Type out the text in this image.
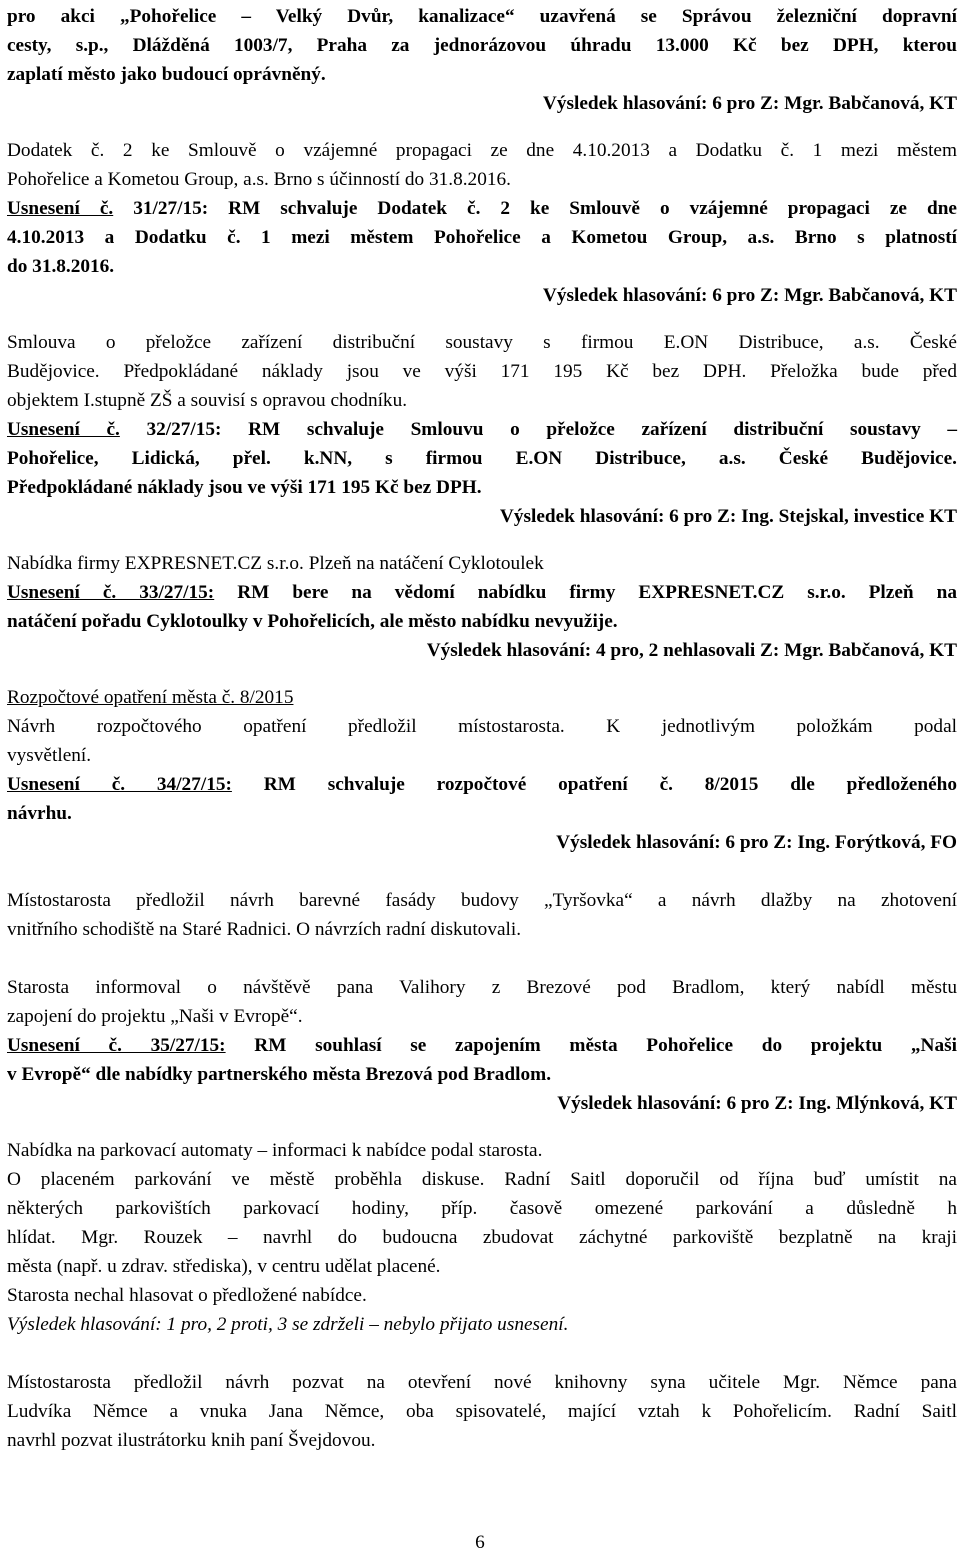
pro akci „Pohořelice – Velký Dvůr, kanalizace“ uzavřená se Správou železniční dopravní

cesty, s.p., Dlážděná 1003/7, Praha za jednorázovou úhradu 13.000 Kč bez DPH, kterou

zaplatí město jako budoucí oprávněný.

Výsledek hlasování: 6 pro Z: Mgr. Babčanová, KT

Dodatek č. 2 ke Smlouvě o vzájemné propagaci ze dne 4.10.2013 a Dodatku č. 1 mezi městem

Pohořelice a Kometou Group, a.s. Brno s účinností do 31.8.2016.

Usnesení č. 31/27/15: RM schvaluje Dodatek č. 2 ke Smlouvě o vzájemné propagaci ze dne

4.10.2013 a Dodatku č. 1 mezi městem Pohořelice a Kometou Group, a.s. Brno s platností

do 31.8.2016.

Výsledek hlasování: 6 pro Z: Mgr. Babčanová, KT

Smlouva o přeložce zařízení distribuční soustavy s firmou E.ON Distribuce, a.s. České

Budějovice. Předpokládané náklady jsou ve výši 171 195 Kč bez DPH. Přeložka bude před

objektem I.stupně ZŠ a souvisí s opravou chodníku.

Usnesení č. 32/27/15: RM schvaluje Smlouvu o přeložce zařízení distribuční soustavy –

Pohořelice, Lidická, přel. k.NN, s firmou E.ON Distribuce, a.s. České Budějovice.

Předpokládané náklady jsou ve výši 171 195 Kč bez DPH.

Výsledek hlasování: 6 pro Z: Ing. Stejskal, investice KT

Nabídka firmy EXPRESNET.CZ s.r.o. Plzeň na natáčení Cyklotoulek

Usnesení č. 33/27/15: RM bere na vědomí nabídku firmy EXPRESNET.CZ s.r.o. Plzeň na

natáčení pořadu Cyklotoulky v Pohořelicích, ale město nabídku nevyužije.

Výsledek hlasování: 4 pro, 2 nehlasovali Z: Mgr. Babčanová, KT

Rozpočtové opatření města č. 8/2015

Návrh rozpočtového opatření předložil místostarosta. K jednotlivým položkám podal

vysvětlení.

Usnesení č. 34/27/15: RM schvaluje rozpočtové opatření č. 8/2015 dle předloženého

návrhu.

Výsledek hlasování: 6 pro Z: Ing. Forýtková, FO

Místostarosta předložil návrh barevné fasády budovy „Tyršovka“ a návrh dlažby na zhotovení

vnitřního schodiště na Staré Radnici. O návrzích radní diskutovali.

Starosta informoval o návštěvě pana Valihory z Brezové pod Bradlom, který nabídl městu

zapojení do projektu „Naši v Evropě“.

Usnesení č. 35/27/15: RM souhlasí se zapojením města Pohořelice do projektu „Naši

v Evropě“ dle nabídky partnerského města Brezová pod Bradlom.

Výsledek hlasování: 6 pro Z: Ing. Mlýnková, KT

Nabídka na parkovací automaty – informaci k nabídce podal starosta.

O placeném parkování ve městě proběhla diskuse. Radní Saitl doporučil od října buď umístit na

některých parkovištích parkovací hodiny, příp. časově omezené parkování a důsledně h

hlídat. Mgr. Rouzek – navrhl do budoucna zbudovat záchytné parkoviště bezplatně na kraji

města (např. u zdrav. střediska), v centru udělat placené.

Starosta nechal hlasovat o předložené nabídce.

Výsledek hlasování: 1 pro, 2 proti, 3 se zdrželi – nebylo přijato usnesení.

Místostarosta předložil návrh pozvat na otevření nové knihovny syna učitele Mgr. Němce pana

Ludvíka Němce a vnuka Jana Němce, oba spisovatelé, mající vztah k Pohořelicím. Radní Saitl

navrhl pozvat ilustrátorku knih paní Švejdovou.

6
